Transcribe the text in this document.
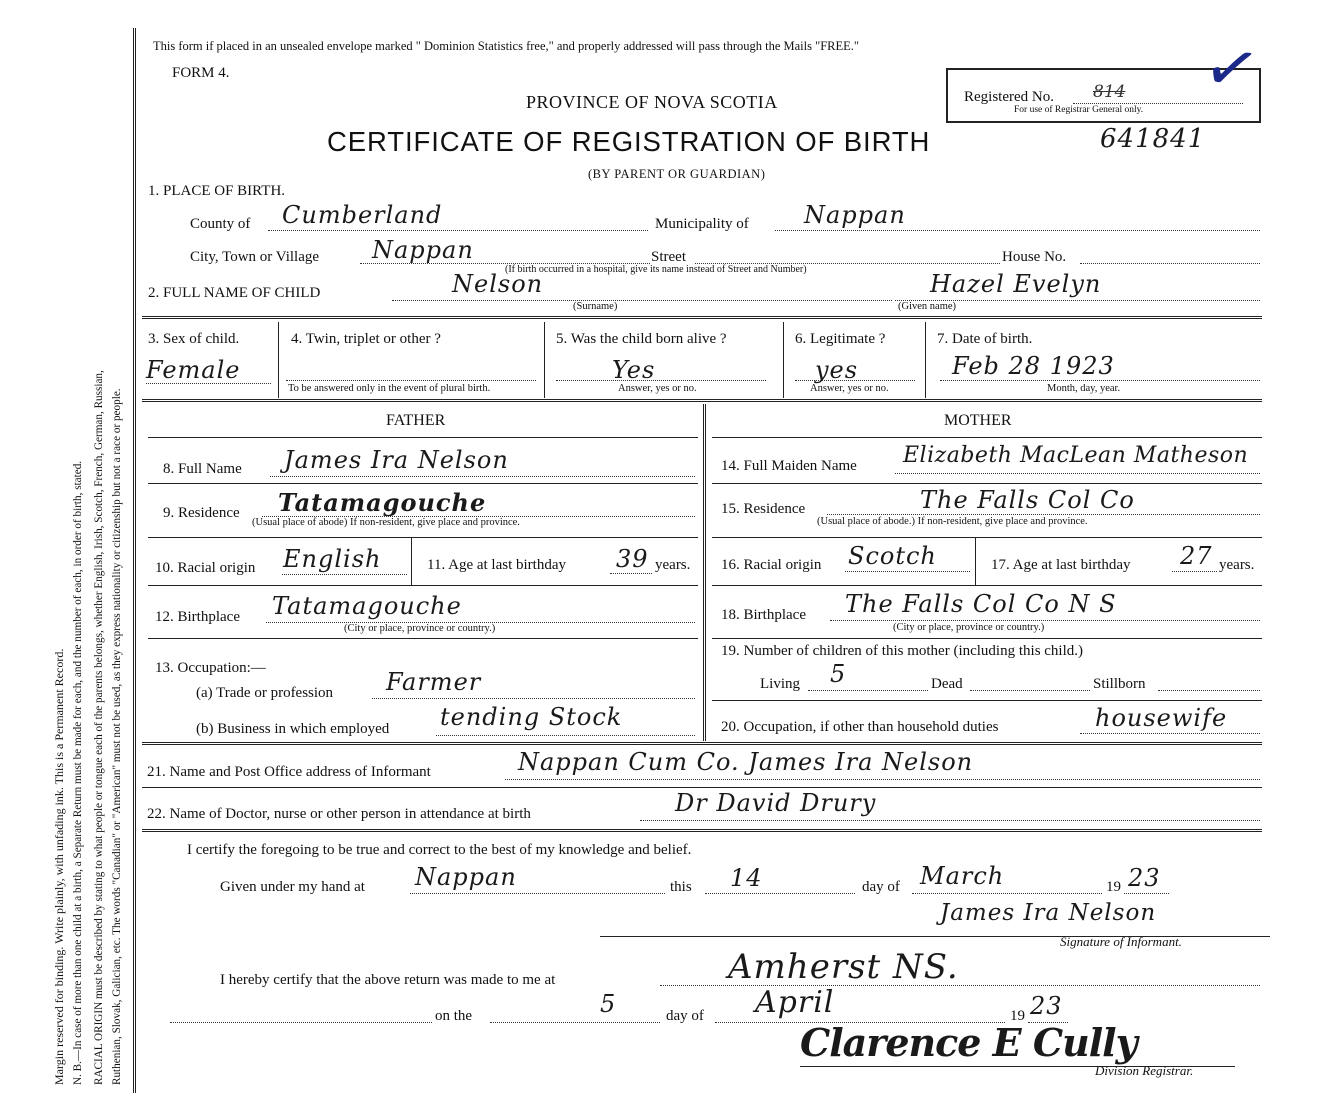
Margin reserved for binding. Write plainly, with unfading ink. This is a Permanent Record. N. B.—In case of more than one child at a birth, a Separate Return must be made for each, and the number of each, in order of birth, stated. RACIAL ORIGIN must be described by stating to what people or tongue each of the parents belongs, whether English, Irish, Scotch, French, German, Russian, Ruthenian, Slovak, Galician, etc. The words "Canadian" or "American" must not be used, as they express nationality or citizenship but not a race or people.
This form if placed in an unsealed envelope marked " Dominion Statistics free," and properly addressed will pass through the Mails "FREE."
FORM 4.
PROVINCE OF NOVA SCOTIA
CERTIFICATE OF REGISTRATION OF BIRTH	641841
(BY PARENT OR GUARDIAN)
Registered No. 814
For use of Registrar General only. ✓
1. PLACE OF BIRTH.
County of Cumberland	Municipality of Nappan
City, Town or Village Nappan	Street	House No.
(If birth occurred in a hospital, give its name instead of Street and Number)
2. FULL NAME OF CHILD	Nelson
(Surname)
Hazel Evelyn
(Given name)
3. Sex of child.
Female
4. Twin, triplet or other ?
To be answered only in the event of plural birth.
5. Was the child born alive ?
Yes
Answer, yes or no.
6. Legitimate ?
yes
Answer, yes or no.
7. Date of birth.
Feb 28 1923
Month, day, year.
FATHER
8. Full Name James Ira Nelson
9. Residence Tatamagouche
(Usual place of abode) If non-resident, give place and province.
10. Racial origin English	11. Age at last birthday 39 years.
12. Birthplace Tatamagouche
(City or place, province or country.)
13. Occupation:—
(a) Trade or profession Farmer
(b) Business in which employed tending Stock
MOTHER
14. Full Maiden Name Elizabeth MacLean Matheson
15. Residence	The Falls Col Co
(Usual place of abode.) If non-resident, give place and province.
16. Racial origin Scotch	17. Age at last birthday 27 years.
18. Birthplace The Falls Col Co N S
(City or place, province or country.)
19. Number of children of this mother (including this child.)
Living 5	Dead	Stillborn
20. Occupation, if other than household duties	housewife
21. Name and Post Office address of Informant	Nappan Cum Co. James Ira Nelson
22. Name of Doctor, nurse or other person in attendance at birth	Dr David Drury
I certify the foregoing to be true and correct to the best of my knowledge and belief.
Given under my hand at Nappan	this 14	day of March	19 23
James Ira Nelson
Signature of Informant.
I hereby certify that the above return was made to me at	Amherst NS.
on the	5	day of April	19 23
Clarence E Cully
Division Registrar.
